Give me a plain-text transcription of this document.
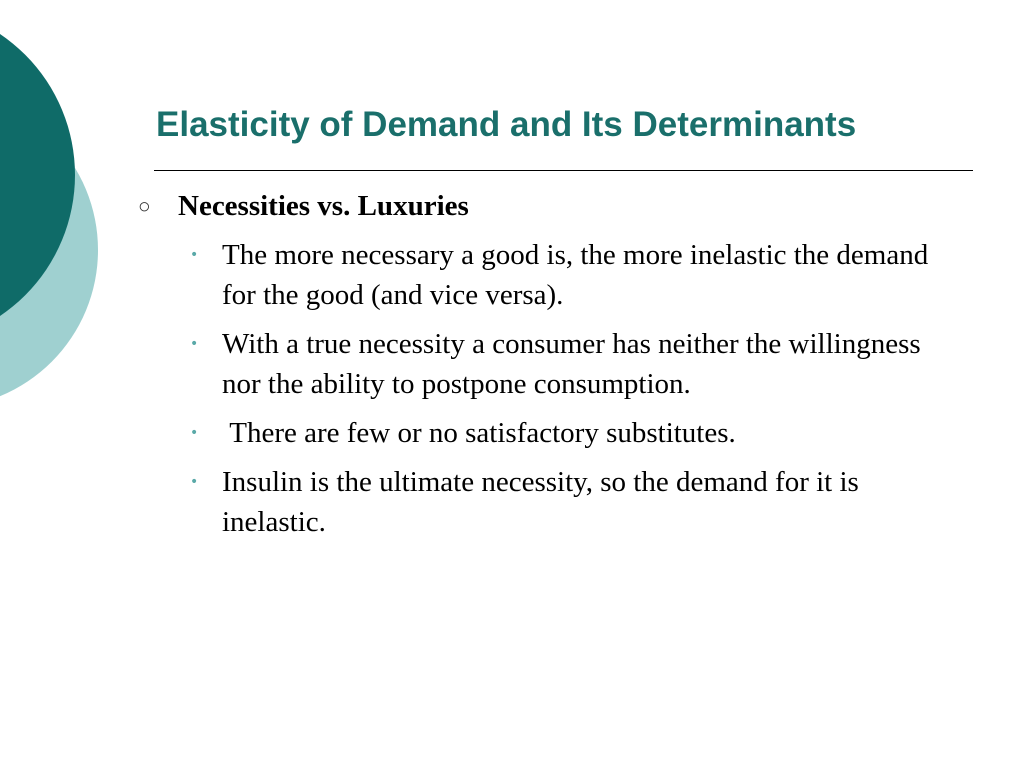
Elasticity of Demand and Its Determinants
○ Necessities vs. Luxuries
• The more necessary a good is, the more inelastic the demand for the good (and vice versa).
• With a true necessity a consumer has neither the willingness nor the ability to postpone consumption.
• There are few or no satisfactory substitutes.
• Insulin is the ultimate necessity, so the demand for it is inelastic.
